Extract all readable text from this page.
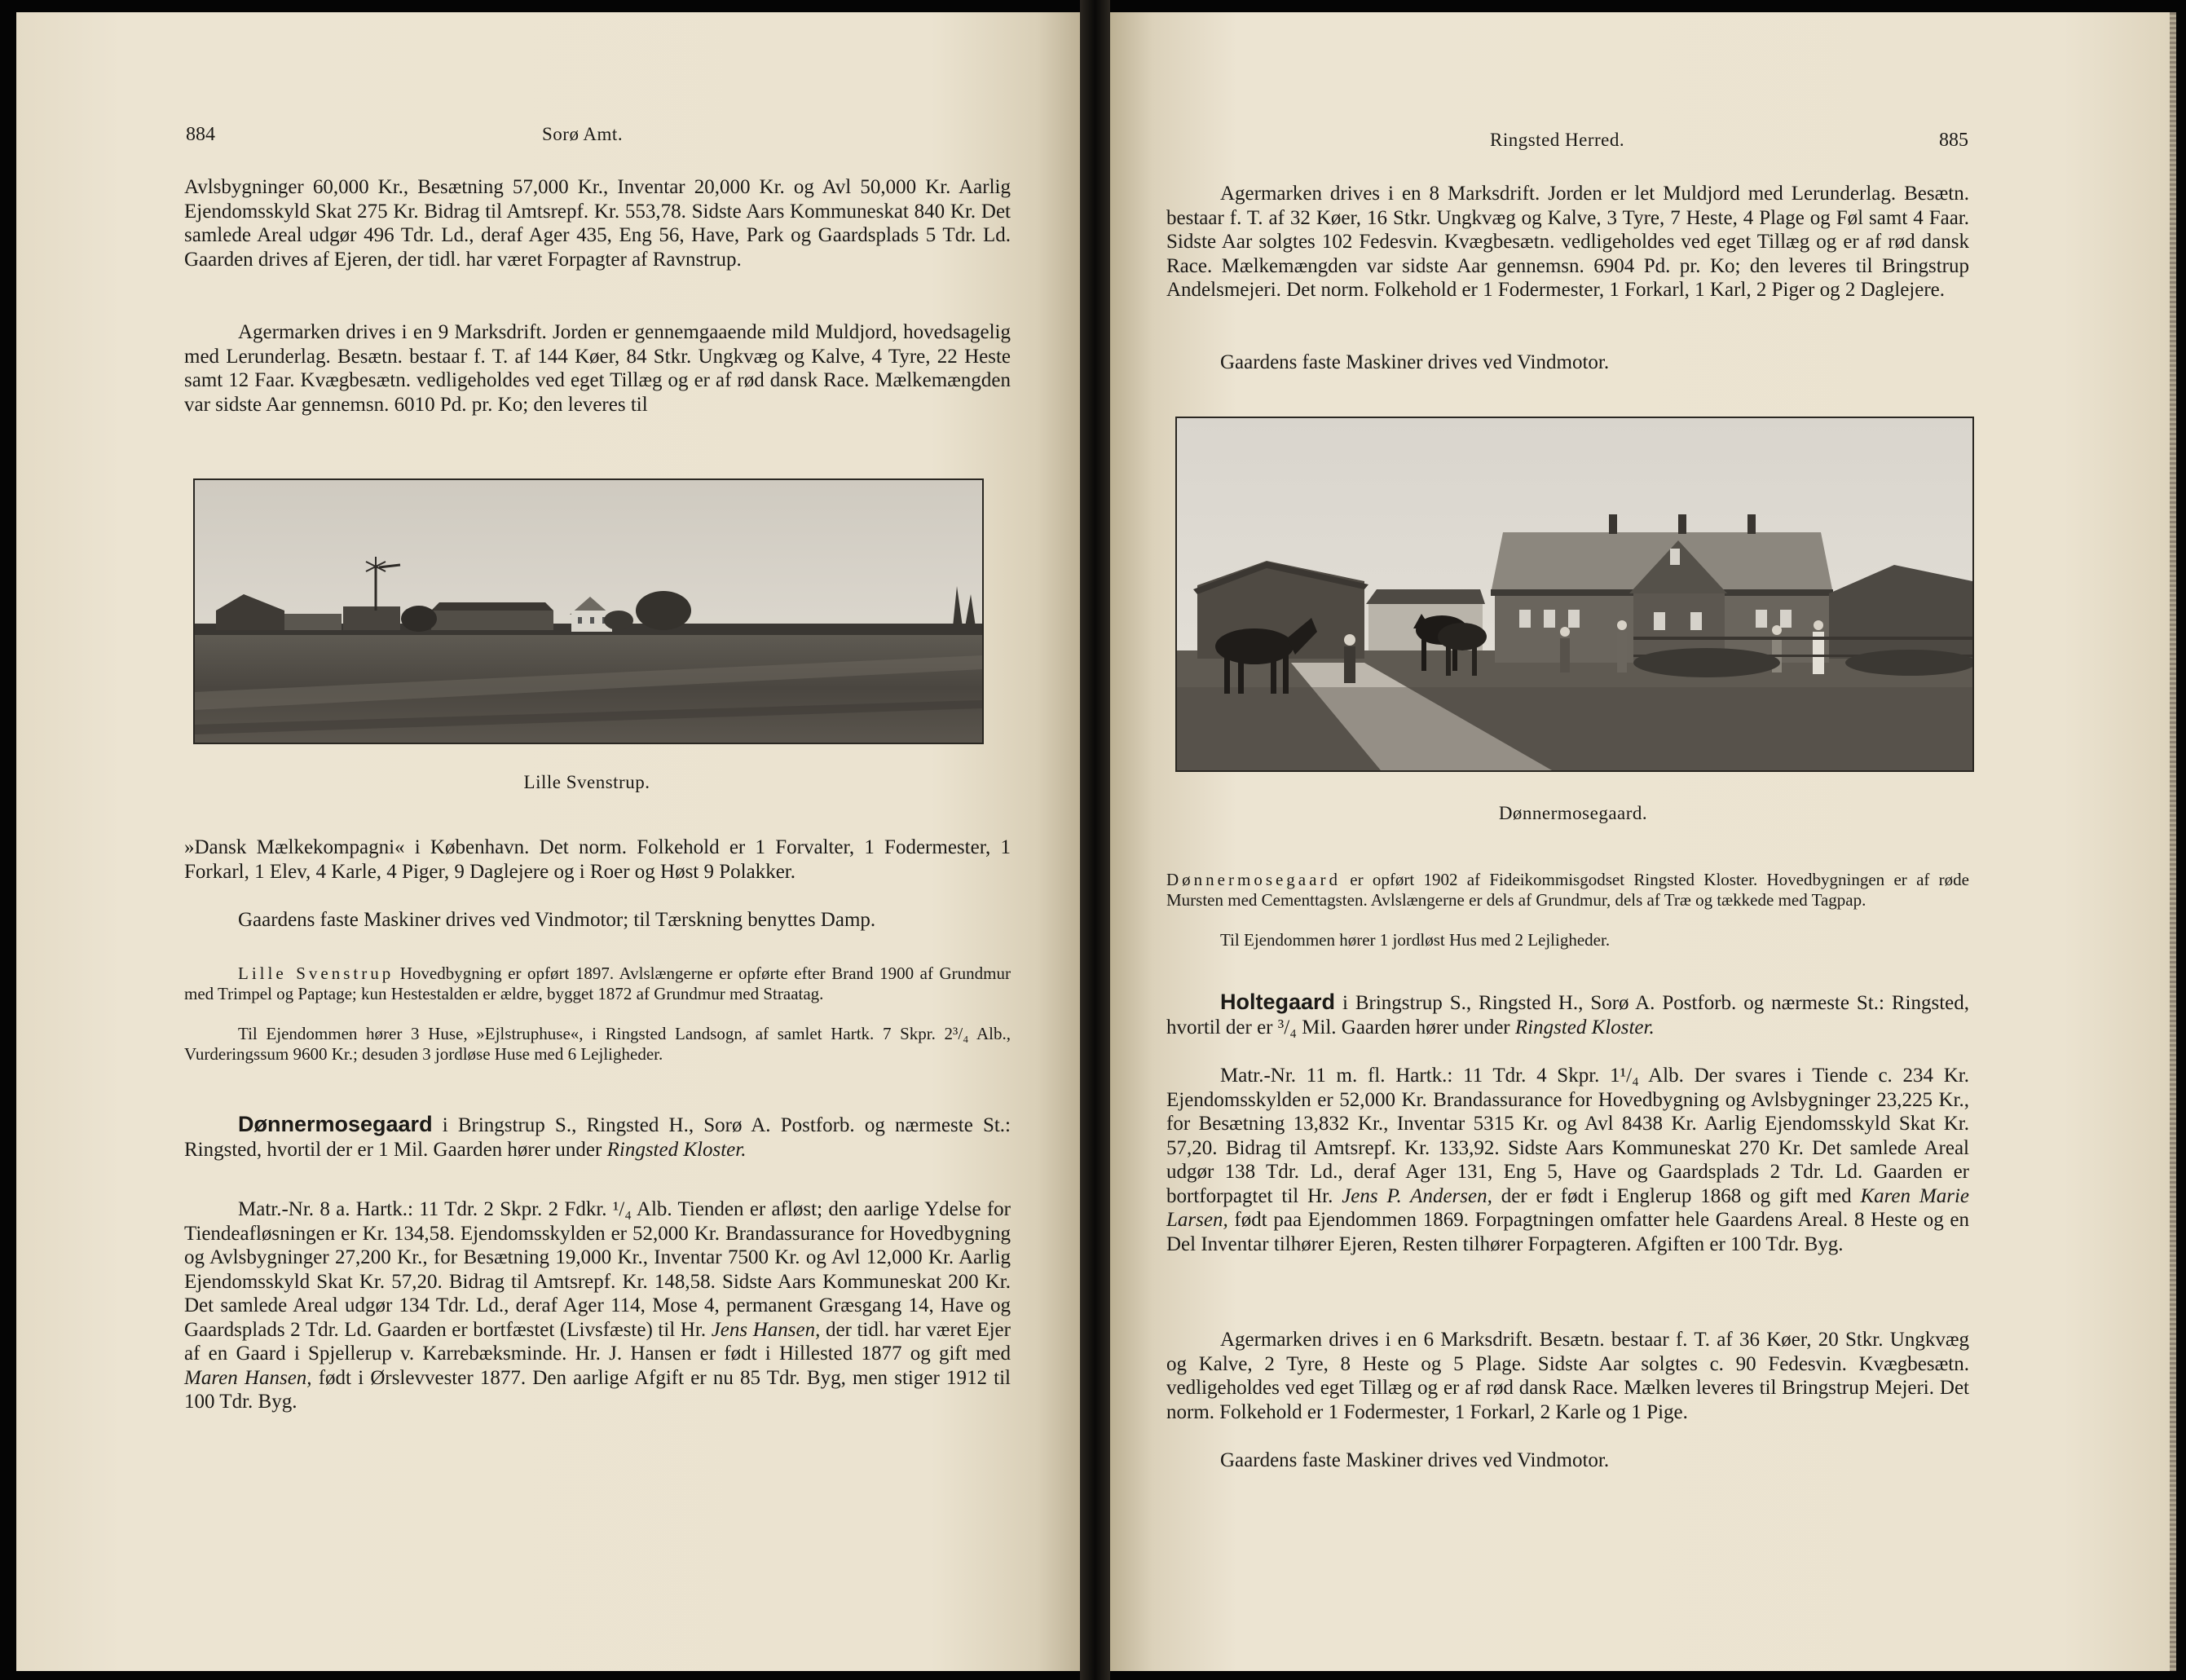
884	Sorø Amt.

Avlsbygninger 60,000 Kr., Besætning 57,000 Kr., Inventar 20,000 Kr. og Avl 50,000 Kr. Aarlig Ejendomsskyld Skat 275 Kr. Bidrag til Amtsrepf. Kr. 553,78. Sidste Aars Kommuneskat 840 Kr. Det samlede Areal udgør 496 Tdr. Ld., deraf Ager 435, Eng 56, Have, Park og Gaardsplads 5 Tdr. Ld. Gaarden drives af Ejeren, der tidl. har været Forpagter af Ravnstrup.

Agermarken drives i en 9 Marksdrift. Jorden er gennemgaaende mild Muldjord, hovedsagelig med Lerunderlag. Besætn. bestaar f. T. af 144 Køer, 84 Stkr. Ungkvæg og Kalve, 4 Tyre, 22 Heste samt 12 Faar. Kvægbesætn. vedligeholdes ved eget Tillæg og er af rød dansk Race. Mælkemængden var sidste Aar gennemsn. 6010 Pd. pr. Ko; den leveres til

Lille Svenstrup.

»Dansk Mælkekompagni« i København. Det norm. Folkehold er 1 Forvalter, 1 Fodermester, 1 Forkarl, 1 Elev, 4 Karle, 4 Piger, 9 Daglejere og i Roer og Høst 9 Polakker.

Gaardens faste Maskiner drives ved Vindmotor; til Tærskning benyttes Damp.

Lille Svenstrup Hovedbygning er opført 1897. Avlslængerne er opførte efter Brand 1900 af Grundmur med Trimpel og Paptage; kun Hestestalden er ældre, bygget 1872 af Grundmur med Straatag.

Til Ejendommen hører 3 Huse, »Ejlstruphuse«, i Ringsted Landsogn, af samlet Hartk. 7 Skpr. 2³/₄ Alb., Vurderingssum 9600 Kr.; desuden 3 jordløse Huse med 6 Lejligheder.

Dønnermosegaard i Bringstrup S., Ringsted H., Sorø A. Postforb. og nærmeste St.: Ringsted, hvortil der er 1 Mil. Gaarden hører under Ringsted Kloster.

Matr.-Nr. 8 a. Hartk.: 11 Tdr. 2 Skpr. 2 Fdkr. ¹/₄ Alb. Tienden er afløst; den aarlige Ydelse for Tiendeafløsningen er Kr. 134,58. Ejendomsskylden er 52,000 Kr. Brandassurance for Hovedbygning og Avlsbygninger 27,200 Kr., for Besætning 19,000 Kr., Inventar 7500 Kr. og Avl 12,000 Kr. Aarlig Ejendomsskyld Skat Kr. 57,20. Bidrag til Amtsrepf. Kr. 148,58. Sidste Aars Kommuneskat 200 Kr. Det samlede Areal udgør 134 Tdr. Ld., deraf Ager 114, Mose 4, permanent Græsgang 14, Have og Gaardsplads 2 Tdr. Ld. Gaarden er bortfæstet (Livsfæste) til Hr. Jens Hansen, der tidl. har været Ejer af en Gaard i Spjellerup v. Karrebæksminde. Hr. J. Hansen er født i Hillested 1877 og gift med Maren Hansen, født i Ørslevvester 1877. Den aarlige Afgift er nu 85 Tdr. Byg, men stiger 1912 til 100 Tdr. Byg.

Ringsted Herred.	885

Agermarken drives i en 8 Marksdrift. Jorden er let Muldjord med Lerunderlag. Besætn. bestaar f. T. af 32 Køer, 16 Stkr. Ungkvæg og Kalve, 3 Tyre, 7 Heste, 4 Plage og Føl samt 4 Faar. Sidste Aar solgtes 102 Fedesvin. Kvægbesætn. vedligeholdes ved eget Tillæg og er af rød dansk Race. Mælkemængden var sidste Aar gennemsn. 6904 Pd. pr. Ko; den leveres til Bringstrup Andelsmejeri. Det norm. Folkehold er 1 Fodermester, 1 Forkarl, 1 Karl, 2 Piger og 2 Daglejere.

Gaardens faste Maskiner drives ved Vindmotor.

Dønnermosegaard.

Dønnermosegaard er opført 1902 af Fideikommisgodset Ringsted Kloster. Hovedbygningen er af røde Mursten med Cementtagsten. Avlslængerne er dels af Grundmur, dels af Træ og tækkede med Tagpap.

Til Ejendommen hører 1 jordløst Hus med 2 Lejligheder.

Holtegaard i Bringstrup S., Ringsted H., Sorø A. Postforb. og nærmeste St.: Ringsted, hvortil der er ³/₄ Mil. Gaarden hører under Ringsted Kloster.

Matr.-Nr. 11 m. fl. Hartk.: 11 Tdr. 4 Skpr. 1¹/₄ Alb. Der svares i Tiende c. 234 Kr. Ejendomsskylden er 52,000 Kr. Brandassurance for Hovedbygning og Avlsbygninger 23,225 Kr., for Besætning 13,832 Kr., Inventar 5315 Kr. og Avl 8438 Kr. Aarlig Ejendomsskyld Skat Kr. 57,20. Bidrag til Amtsrepf. Kr. 133,92. Sidste Aars Kommuneskat 270 Kr. Det samlede Areal udgør 138 Tdr. Ld., deraf Ager 131, Eng 5, Have og Gaardsplads 2 Tdr. Ld. Gaarden er bortforpagtet til Hr. Jens P. Andersen, der er født i Englerup 1868 og gift med Karen Marie Larsen, født paa Ejendommen 1869. Forpagtningen omfatter hele Gaardens Areal. 8 Heste og en Del Inventar tilhører Ejeren, Resten tilhører Forpagteren. Afgiften er 100 Tdr. Byg.

Agermarken drives i en 6 Marksdrift. Besætn. bestaar f. T. af 36 Køer, 20 Stkr. Ungkvæg og Kalve, 2 Tyre, 8 Heste og 5 Plage. Sidste Aar solgtes c. 90 Fedesvin. Kvægbesætn. vedligeholdes ved eget Tillæg og er af rød dansk Race. Mælken leveres til Bringstrup Mejeri. Det norm. Folkehold er 1 Fodermester, 1 Forkarl, 2 Karle og 1 Pige.

Gaardens faste Maskiner drives ved Vindmotor.
